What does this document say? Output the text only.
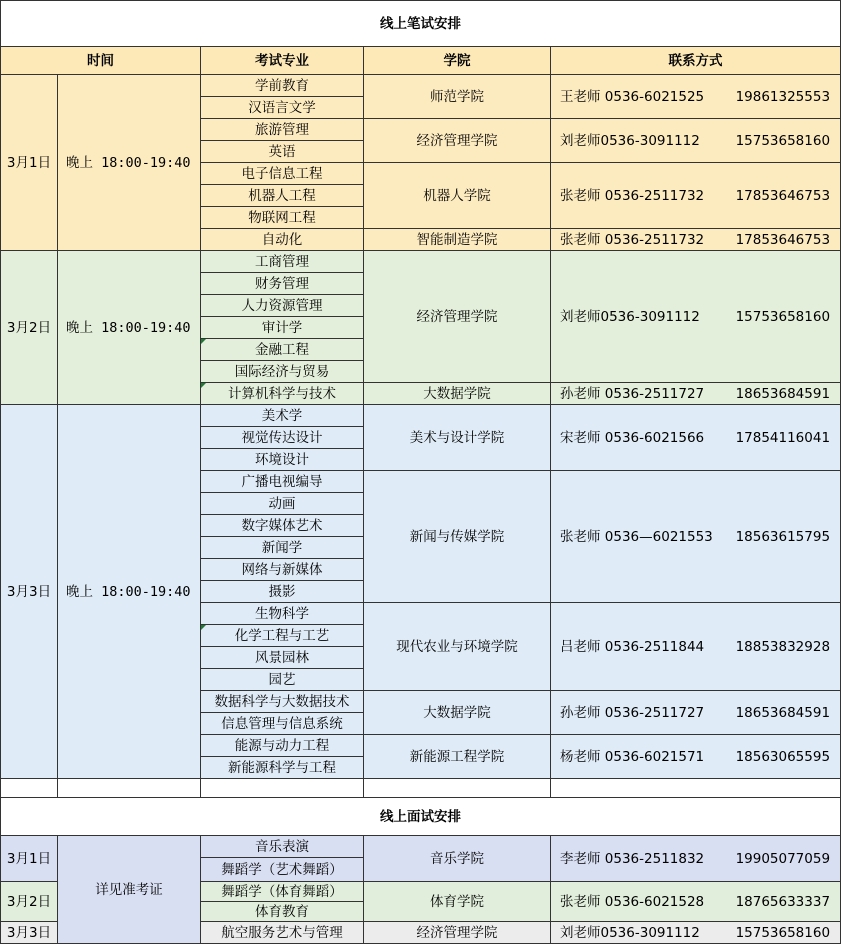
线上笔试安排				
时间		考试专业	学院	联系方式
3月1日	晚上 18:00-19:40	学前教育	师范学院	王老师 0536-6021525 19861325553

		汉语言文学		
		旅游管理	经济管理学院	刘老师0536-3091112 15753658160

		英语		
		电子信息工程	机器人学院	张老师 0536-2511732 17853646753

		机器人工程		
		物联网工程		
		自动化	智能制造学院	张老师 0536-2511732 17853646753

3月2日	晚上 18:00-19:40	工商管理	经济管理学院	刘老师0536-3091112 15753658160

		财务管理		
		人力资源管理		
		审计学		
		金融工程		
		国际经济与贸易		
		计算机科学与技术	大数据学院	孙老师 0536-2511727 18653684591

3月3日	晚上 18:00-19:40	美术学	美术与设计学院	宋老师 0536-6021566 17854116041

		视觉传达设计		
		环境设计		
		广播电视编导	新闻与传媒学院	张老师 0536—6021553 18563615795

		动画		
		数字媒体艺术		
		新闻学		
		网络与新媒体		
		摄影		
		生物科学	现代农业与环境学院	吕老师 0536-2511844 18853832928

		化学工程与工艺		
		风景园林		
		园艺		
		数据科学与大数据技术	大数据学院	孙老师 0536-2511727 18653684591

		信息管理与信息系统		
		能源与动力工程	新能源工程学院	杨老师 0536-6021571 18563065595

		新能源科学与工程		

线上面试安排				
3月1日	详见准考证	音乐表演	音乐学院	李老师 0536-2511832 19905077059

		舞蹈学（艺术舞蹈）		
3月2日		舞蹈学（体育舞蹈）	体育学院	张老师 0536-6021528 18765633337

		体育教育		
3月3日		航空服务艺术与管理	经济管理学院	刘老师0536-3091112 15753658160
